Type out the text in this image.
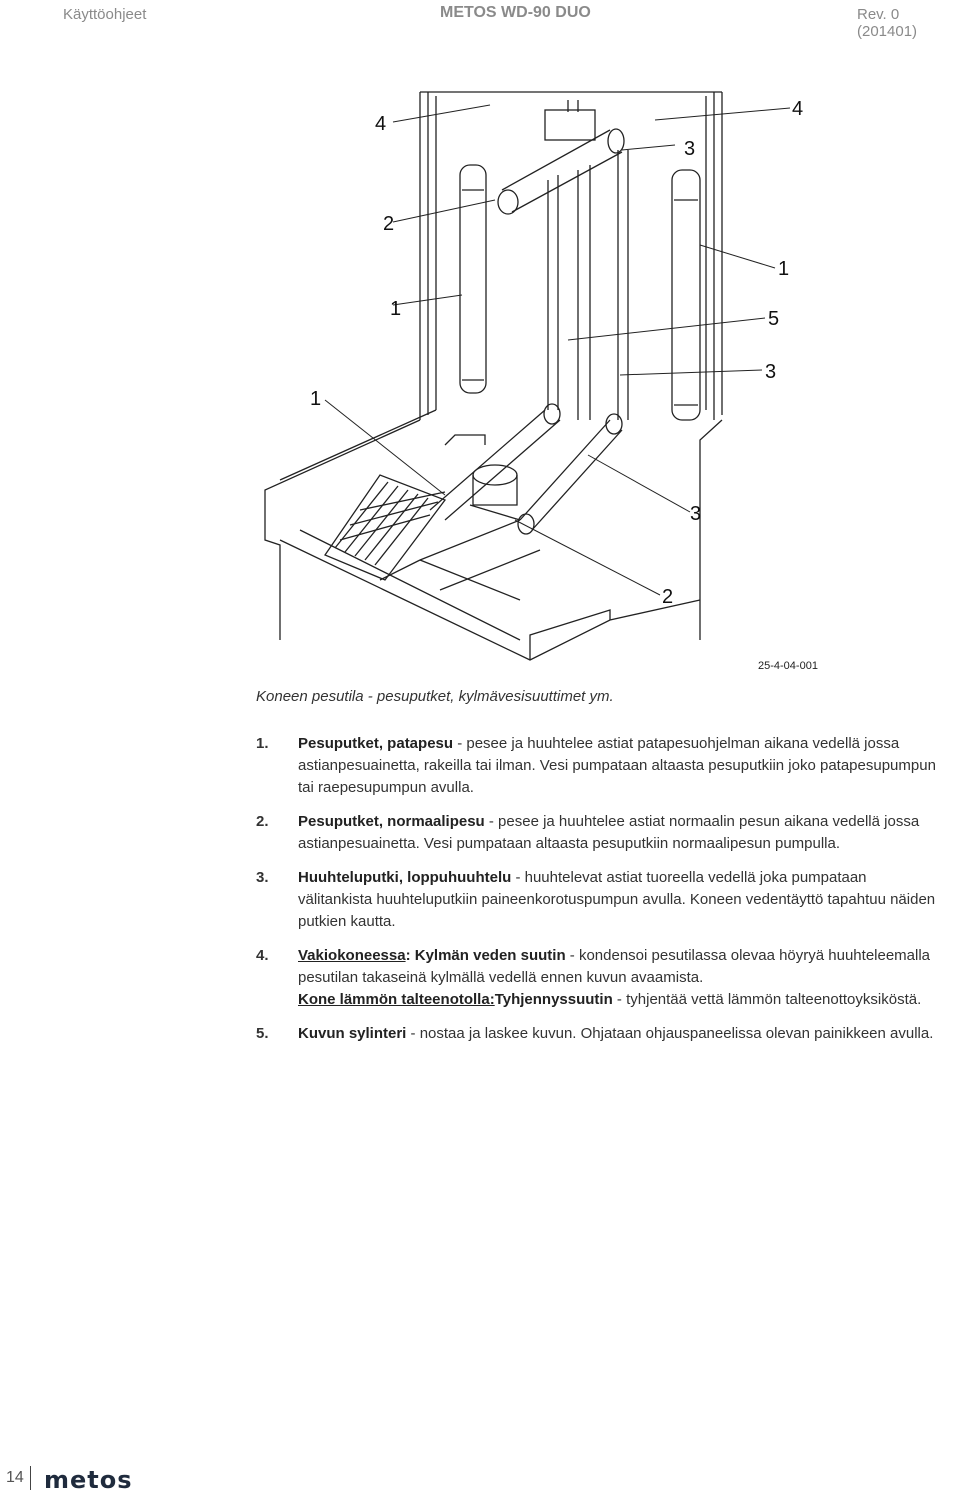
Käyttöohjeet	METOS WD-90 DUO	Rev. 0 (201401)
4
4
3
2
1
1	5
3
1
3
2
25-4-04-001
Koneen pesutila - pesuputket, kylmävesisuuttimet ym.
1. Pesuputket, patapesu - pesee ja huuhtelee astiat patapesuohjelman aikana vedellä jossa astianpesuainetta, rakeilla tai ilman. Vesi pumpataan altaasta pesuputkiin joko patapesupumpun tai raepesupumpun avulla.
2. Pesuputket, normaalipesu - pesee ja huuhtelee astiat normaalin pesun aikana vedellä jossa astianpesuainetta. Vesi pumpataan altaasta pesuputkiin normaalipesun pumpulla.
3. Huuhteluputki, loppuhuuhtelu - huuhtelevat astiat tuoreella vedellä joka pumpataan välitankista huuhteluputkiin paineenkorotuspumpun avulla. Koneen vedentäyttö tapahtuu näiden putkien kautta.
4. Vakiokoneessa: Kylmän veden suutin - kondensoi pesutilassa olevaa höyryä huuhteleemalla pesutilan takaseinä kylmällä vedellä ennen kuvun avaamista.
Kone lämmön talteenotolla:Tyhjennyssuutin - tyhjentää vettä lämmön talteenottoyksiköstä.
5. Kuvun sylinteri - nostaa ja laskee kuvun. Ohjataan ohjauspaneelissa olevan painikkeen avulla.
14 metos
